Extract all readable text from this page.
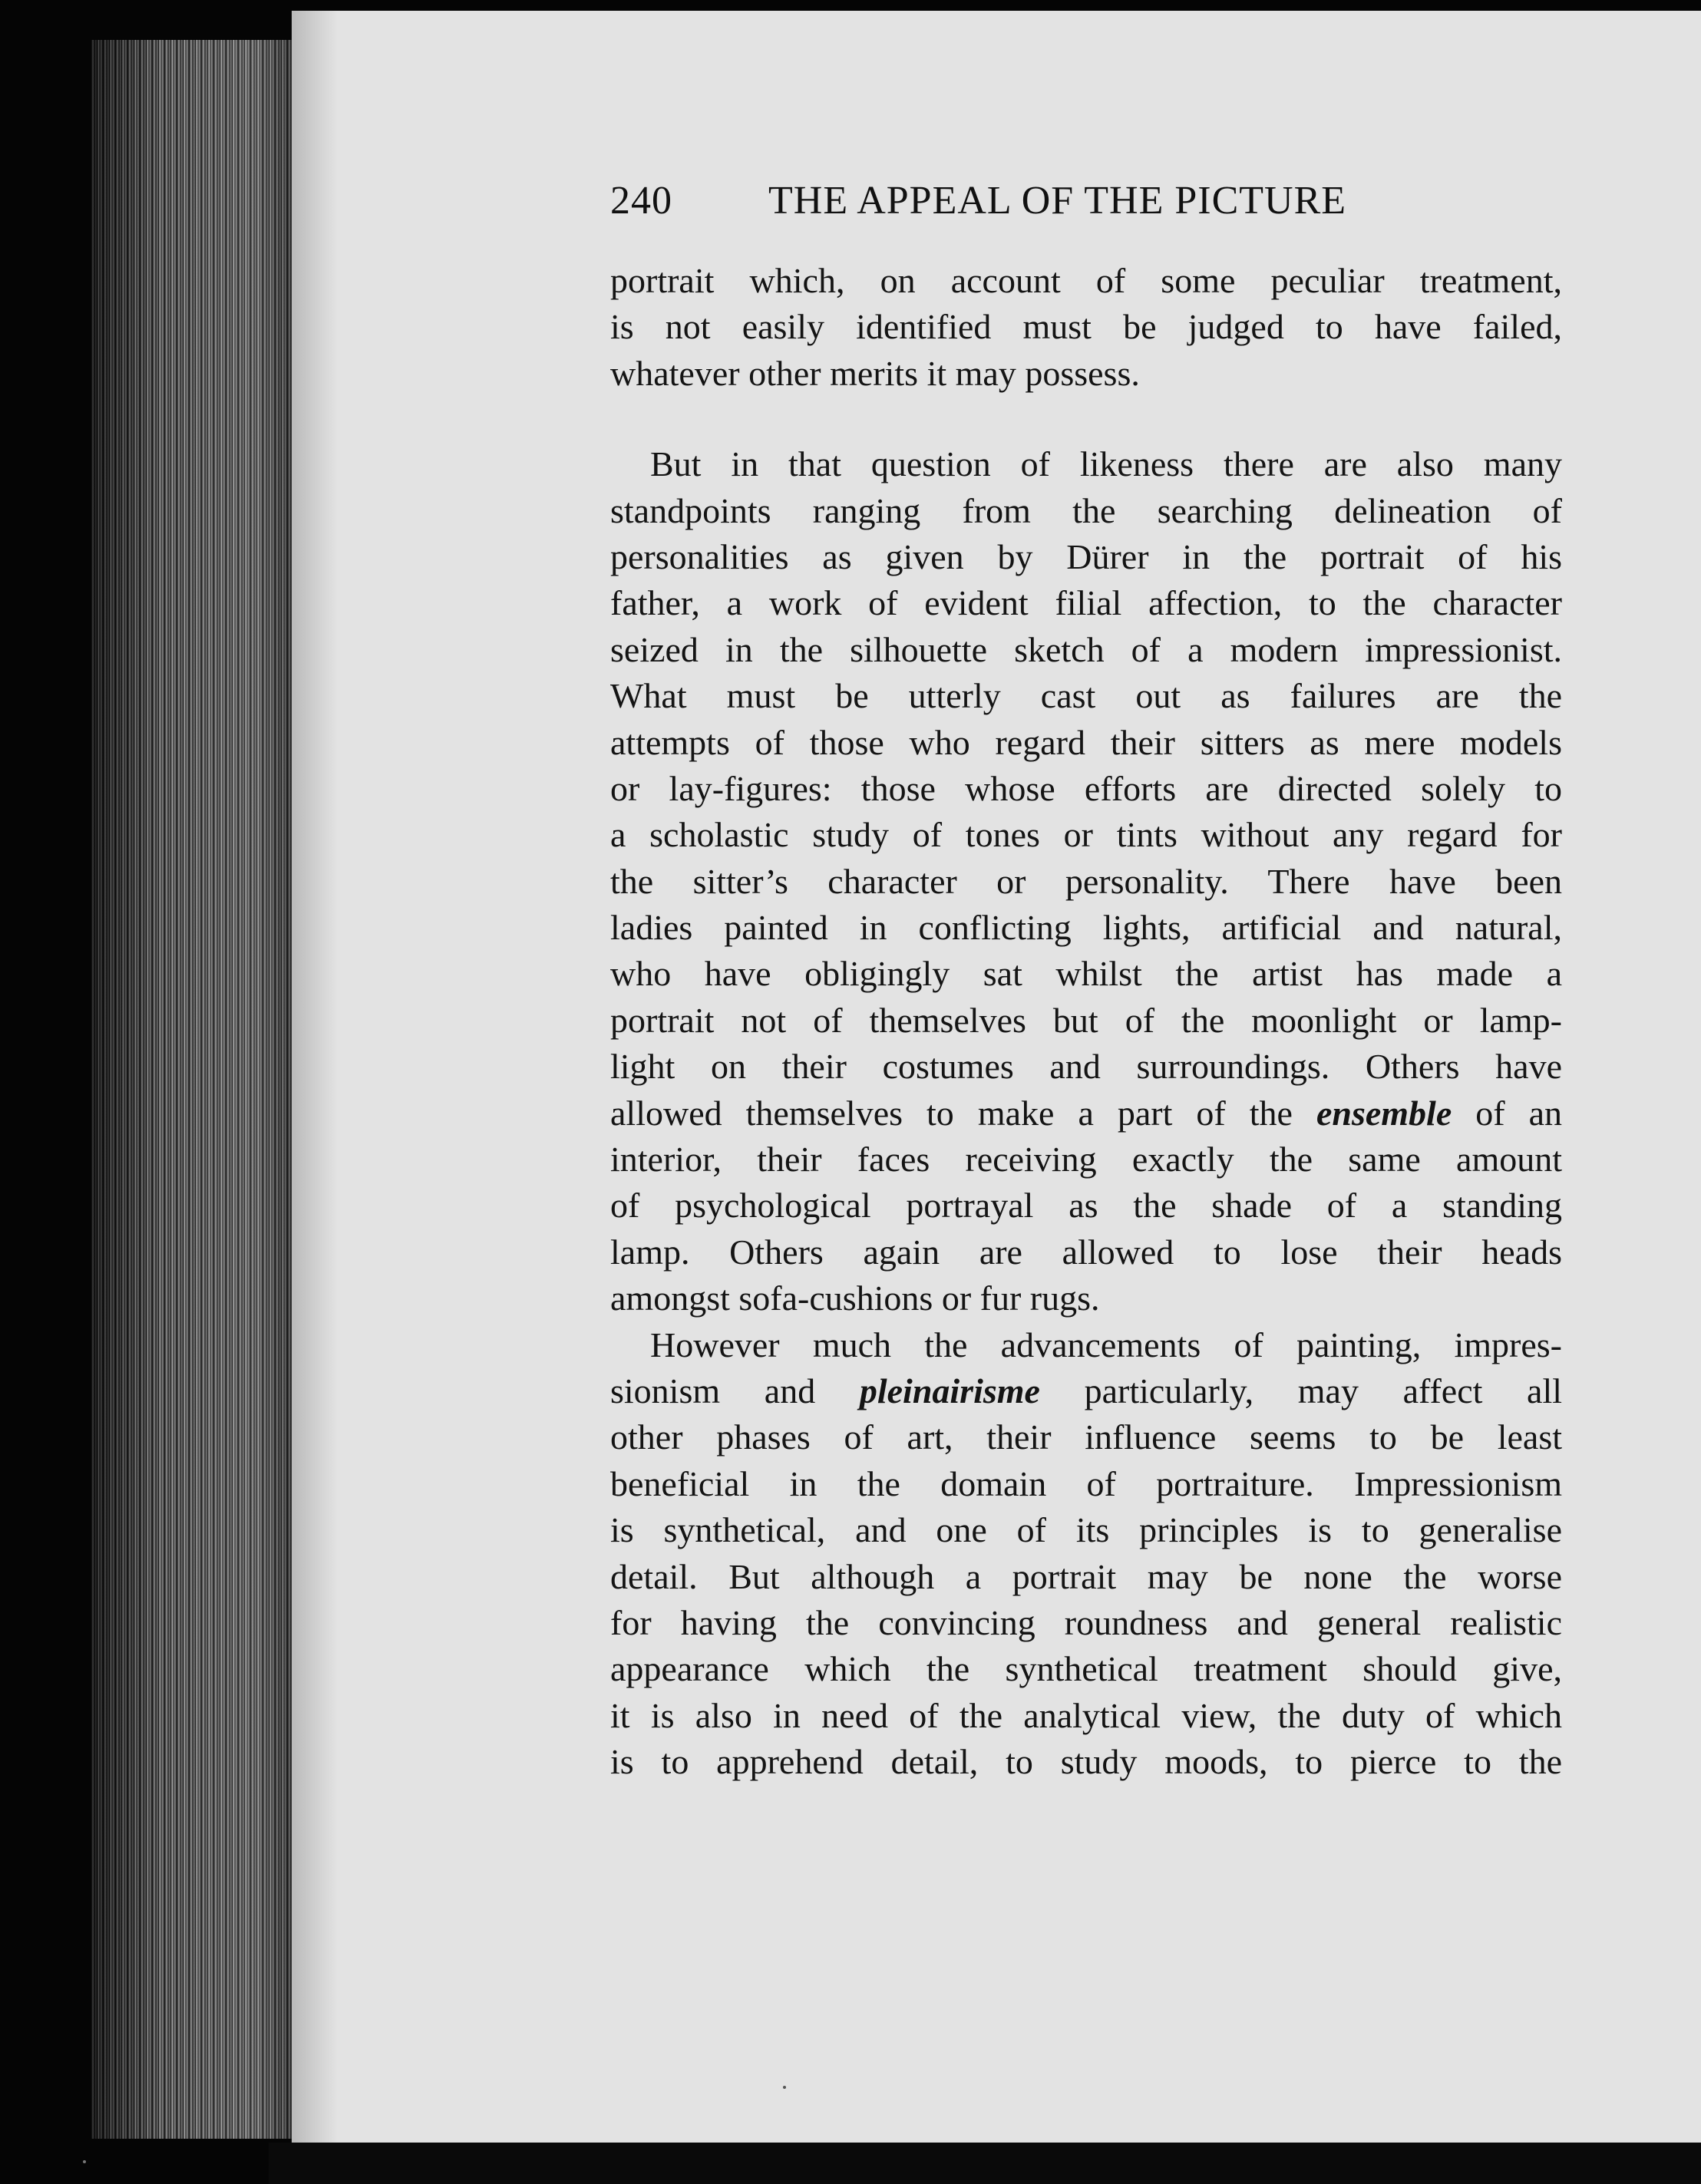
240 THE APPEAL OF THE PICTURE
portrait which, on account of some peculiar treatment,
is not easily identified must be judged to have failed,
whatever other merits it may possess.
But in that question of likeness there are also many
standpoints ranging from the searching delineation of
personalities as given by Dürer in the portrait of his
father, a work of evident filial affection, to the character
seized in the silhouette sketch of a modern impressionist.
What must be utterly cast out as failures are the
attempts of those who regard their sitters as mere models
or lay-figures: those whose efforts are directed solely to
a scholastic study of tones or tints without any regard for
the sitter’s character or personality. There have been
ladies painted in conflicting lights, artificial and natural,
who have obligingly sat whilst the artist has made a
portrait not of themselves but of the moonlight or lamp-
light on their costumes and surroundings. Others have
allowed themselves to make a part of the ensemble of an
interior, their faces receiving exactly the same amount
of psychological portrayal as the shade of a standing
lamp. Others again are allowed to lose their heads
amongst sofa-cushions or fur rugs.
However much the advancements of painting, impres-
sionism and pleinairisme particularly, may affect all
other phases of art, their influence seems to be least
beneficial in the domain of portraiture. Impressionism
is synthetical, and one of its principles is to generalise
detail. But although a portrait may be none the worse
for having the convincing roundness and general realistic
appearance which the synthetical treatment should give,
it is also in need of the analytical view, the duty of which
is to apprehend detail, to study moods, to pierce to the
